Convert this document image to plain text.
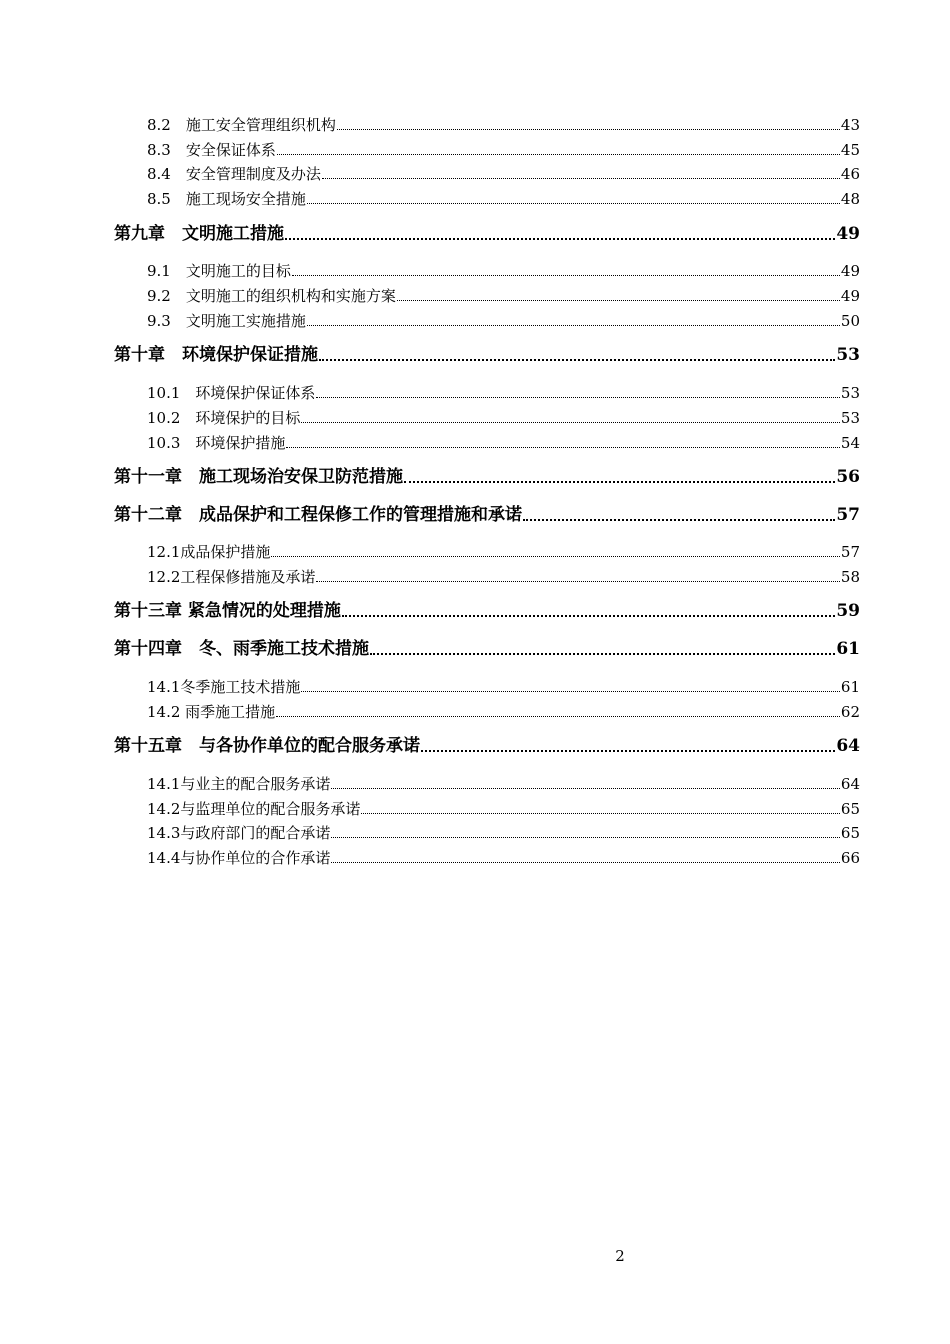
8.2　施工安全管理组织机构	43
8.3　安全保证体系	45
8.4　安全管理制度及办法	46
8.5　施工现场安全措施	48
第九章　文明施工措施	49
9.1　文明施工的目标	49
9.2　文明施工的组织机构和实施方案	49
9.3　文明施工实施措施	50
第十章　环境保护保证措施	53
10.1　环境保护保证体系	53
10.2　环境保护的目标	53
10.3　环境保护措施	54
第十一章　施工现场治安保卫防范措施	56
第十二章　成品保护和工程保修工作的管理措施和承诺	57
12.1成品保护措施	57
12.2工程保修措施及承诺	58
第十三章 紧急情况的处理措施	59
第十四章　冬、雨季施工技术措施	61
14.1冬季施工技术措施	61
14.2 雨季施工措施	62
第十五章　与各协作单位的配合服务承诺	64
14.1与业主的配合服务承诺	64
14.2与监理单位的配合服务承诺	65
14.3与政府部门的配合承诺	65
14.4与协作单位的合作承诺	66
2
